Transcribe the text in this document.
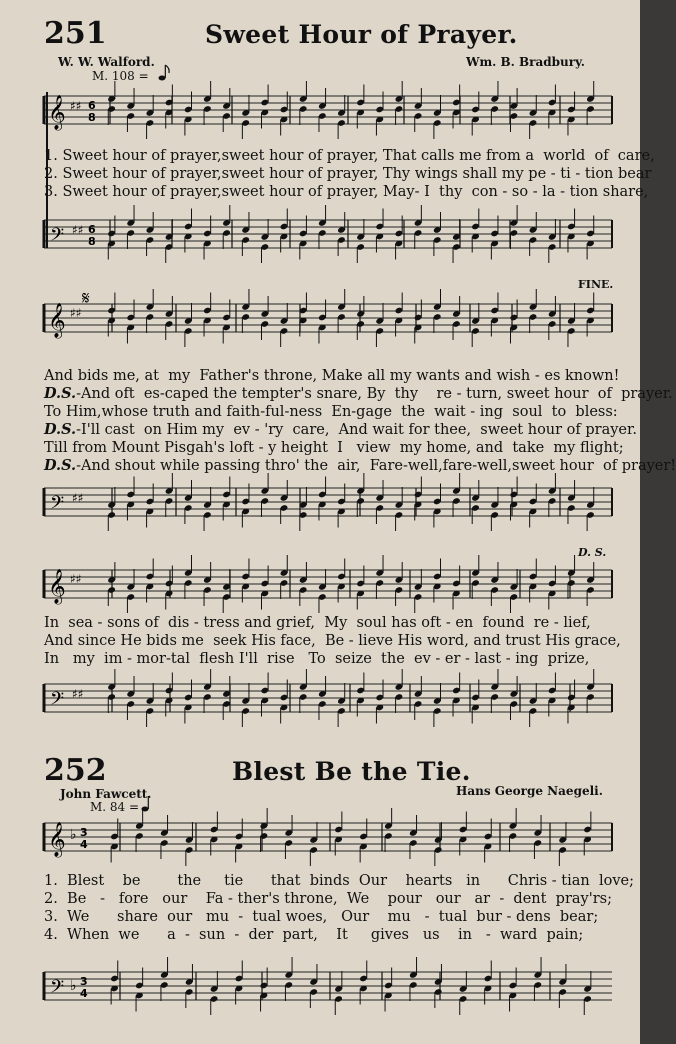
251	Sweet Hour of Prayer.
W. W. Walford.	Wm. B. Bradbury.
M. 108 =
𝄞 ♯♯ 6
8
𝄢 ♯♯ 6
8
1. Sweet hour of prayer,sweet hour of prayer, That calls me from a  world  of  care,
2. Sweet hour of prayer,sweet hour of prayer, Thy wings shall my pe - ti - tion bear
3. Sweet hour of prayer,sweet hour of prayer, May- I  thy  con - so - la - tion share,
FINE.
𝄞 ♯♯
𝄋
𝄢 ♯♯
And bids me, at  my  Father's throne, Make all my wants and wish - es known!
D.S.-And oft  es-caped the tempter's snare, By  thy    re - turn, sweet hour  of  prayer.
To Him,whose truth and faith-ful-ness  En-gage  the  wait - ing  soul  to  bless:
D.S.-I'll cast  on Him my  ev - 'ry  care,  And wait for thee,  sweet hour of prayer.
Till from Mount Pisgah's loft - y height  I   view  my home, and  take  my flight;
D.S.-And shout while passing thro' the  air,  Fare-well,fare-well,sweet hour  of prayer!
D. S.
𝄞 ♯♯
𝄢 ♯♯
In  sea - sons of  dis - tress and grief,  My  soul has oft - en  found  re - lief,
And since He bids me  seek His face,  Be - lieve His word, and trust His grace,
In   my  im - mor-tal  flesh I'll  rise   To  seize  the  ev - er - last - ing  prize,
252	Blest Be the Tie.
John Fawcett.	Hans George Naegeli.
M. 84 =
𝄞 ♭ 3
4
𝄢 ♭ 3
4
1.  Blest    be        the     tie      that  binds  Our    hearts   in      Chris - tian  love;
2.  Be   -   fore   our    Fa - ther's throne,  We    pour   our   ar  -  dent  pray'rs;
3.  We      share  our   mu  -  tual woes,   Our    mu   -  tual  bur - dens  bear;
4.  When  we      a  -  sun  -  der  part,    It     gives   us    in   -  ward  pain;
